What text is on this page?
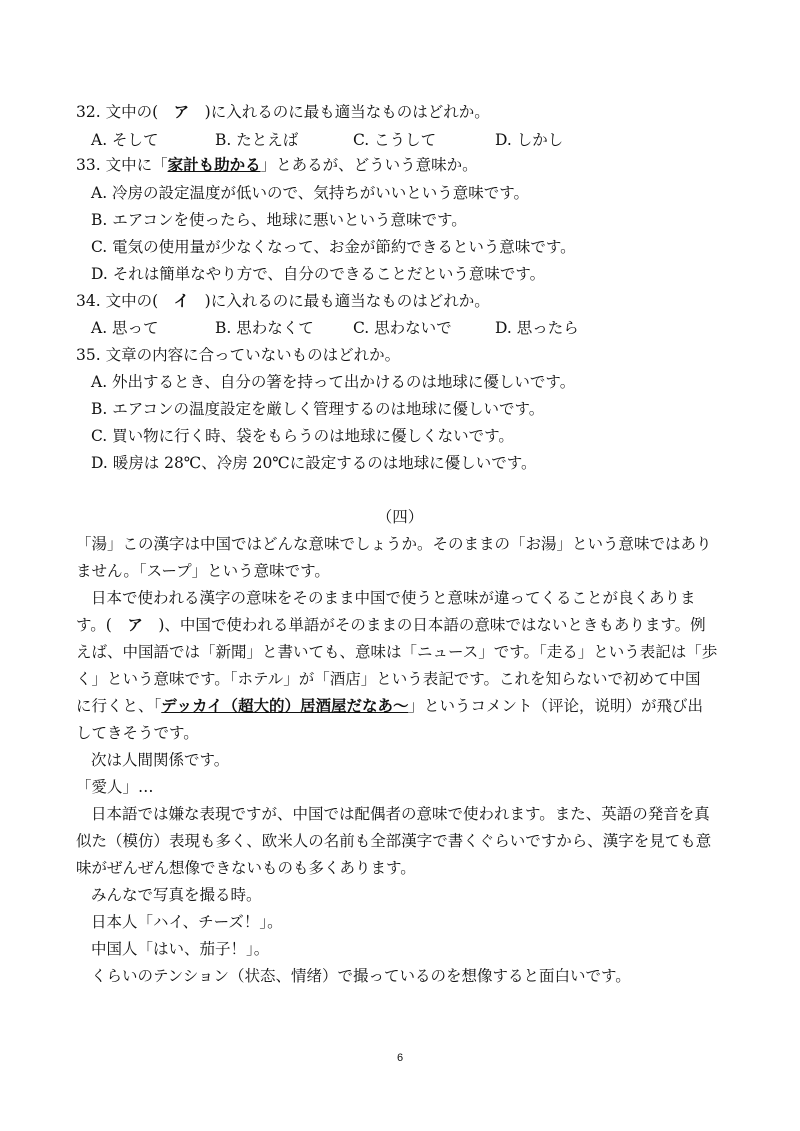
32. 文中の(　ア　)に入れるのに最も適当なものはどれか。
A. そして	B. たとえば	C. こうして	D. しかし
33. 文中に「家計も助かる」とあるが、どういう意味か。
A. 冷房の設定温度が低いので、気持ちがいいという意味です。
B. エアコンを使ったら、地球に悪いという意味です。
C. 電気の使用量が少なくなって、お金が節約できるという意味です。
D. それは簡単なやり方で、自分のできることだという意味です。
34. 文中の(　イ　)に入れるのに最も適当なものはどれか。
A. 思って	B. 思わなくて	C. 思わないで	D. 思ったら
35. 文章の内容に合っていないものはどれか。
A. 外出するとき、自分の箸を持って出かけるのは地球に優しいです。
B. エアコンの温度設定を厳しく管理するのは地球に優しいです。
C. 買い物に行く時、袋をもらうのは地球に優しくないです。
D. 暖房は 28℃、冷房 20℃に設定するのは地球に優しいです。
（四）
「湯」この漢字は中国ではどんな意味でしょうか。そのままの「お湯」という意味ではあり
ません。「スープ」という意味です。
日本で使われる漢字の意味をそのまま中国で使うと意味が違ってくることが良くありま
す。(　ア　)、中国で使われる単語がそのままの日本語の意味ではないときもあります。例
えば、中国語では「新聞」と書いても、意味は「ニュース」です。「走る」という表記は「歩
く」という意味です。「ホテル」が「酒店」という表記です。これを知らないで初めて中国
に行くと、「デッカイ（超大的）居酒屋だなあ～」というコメント（评论，说明）が飛び出
してきそうです。
次は人間関係です。
「愛人」…
日本語では嫌な表現ですが、中国では配偶者の意味で使われます。また、英語の発音を真
似た（模仿）表現も多く、欧米人の名前も全部漢字で書くぐらいですから、漢字を見ても意
味がぜんぜん想像できないものも多くあります。
みんなで写真を撮る時。
日本人「ハイ、チーズ！」。
中国人「はい、茄子！」。
くらいのテンション（状态、情绪）で撮っているのを想像すると面白いです。
6
